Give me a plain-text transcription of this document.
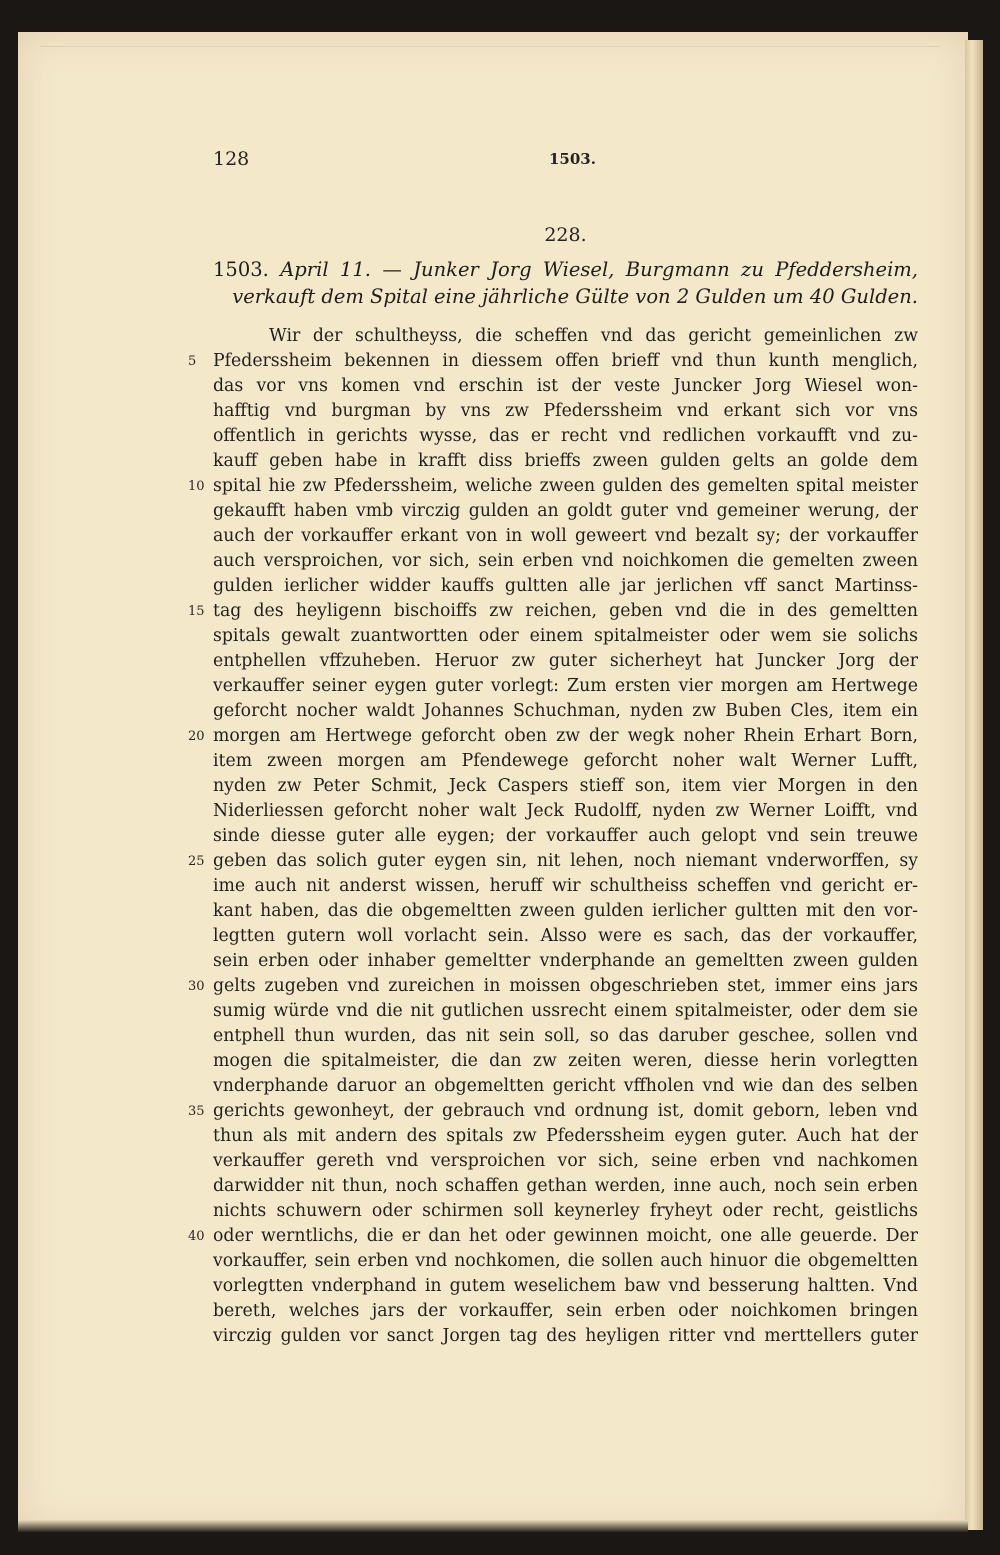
128	1503.
228.
1503. April 11. — Junker Jorg Wiesel, Burgmann zu Pfeddersheim,
verkauft dem Spital eine jährliche Gülte von 2 Gulden um 40 Gulden.
Wir der schultheyss, die scheffen vnd das gericht gemeinlichen zw
5 Pfederssheim bekennen in diessem offen brieff vnd thun kunth menglich,
das vor vns komen vnd erschin ist der veste Juncker Jorg Wiesel won-
hafftig vnd burgman by vns zw Pfederssheim vnd erkant sich vor vns
offentlich in gerichts wysse, das er recht vnd redlichen vorkaufft vnd zu-
kauff geben habe in krafft diss brieffs zween gulden gelts an golde dem
10 spital hie zw Pfederssheim, weliche zween gulden des gemelten spital meister
gekaufft haben vmb virczig gulden an goldt guter vnd gemeiner werung, der
auch der vorkauffer erkant von in woll geweert vnd bezalt sy; der vorkauffer
auch versproichen, vor sich, sein erben vnd noichkomen die gemelten zween
gulden ierlicher widder kauffs gultten alle jar jerlichen vff sanct Martinss-
15 tag des heyligenn bischoiffs zw reichen, geben vnd die in des gemeltten
spitals gewalt zuantwortten oder einem spitalmeister oder wem sie solichs
entphellen vffzuheben. Heruor zw guter sicherheyt hat Juncker Jorg der
verkauffer seiner eygen guter vorlegt: Zum ersten vier morgen am Hertwege
geforcht nocher waldt Johannes Schuchman, nyden zw Buben Cles, item ein
20 morgen am Hertwege geforcht oben zw der wegk noher Rhein Erhart Born,
item zween morgen am Pfendewege geforcht noher walt Werner Lufft,
nyden zw Peter Schmit, Jeck Caspers stieff son, item vier Morgen in den
Niderliessen geforcht noher walt Jeck Rudolff, nyden zw Werner Loifft, vnd
sinde diesse guter alle eygen; der vorkauffer auch gelopt vnd sein treuwe
25 geben das solich guter eygen sin, nit lehen, noch niemant vnderworffen, sy
ime auch nit anderst wissen, heruff wir schultheiss scheffen vnd gericht er-
kant haben, das die obgemeltten zween gulden ierlicher gultten mit den vor-
legtten gutern woll vorlacht sein. Alsso were es sach, das der vorkauffer,
sein erben oder inhaber gemeltter vnderphande an gemeltten zween gulden
30 gelts zugeben vnd zureichen in moissen obgeschrieben stet, immer eins jars
sumig würde vnd die nit gutlichen ussrecht einem spitalmeister, oder dem sie
entphell thun wurden, das nit sein soll, so das daruber geschee, sollen vnd
mogen die spitalmeister, die dan zw zeiten weren, diesse herin vorlegtten
vnderphande daruor an obgemeltten gericht vffholen vnd wie dan des selben
35 gerichts gewonheyt, der gebrauch vnd ordnung ist, domit geborn, leben vnd
thun als mit andern des spitals zw Pfederssheim eygen guter. Auch hat der
verkauffer gereth vnd versproichen vor sich, seine erben vnd nachkomen
darwidder nit thun, noch schaffen gethan werden, inne auch, noch sein erben
nichts schuwern oder schirmen soll keynerley fryheyt oder recht, geistlichs
40 oder werntlichs, die er dan het oder gewinnen moicht, one alle geuerde. Der
vorkauffer, sein erben vnd nochkomen, die sollen auch hinuor die obgemeltten
vorlegtten vnderphand in gutem weselichem baw vnd besserung haltten. Vnd
bereth, welches jars der vorkauffer, sein erben oder noichkomen bringen
virczig gulden vor sanct Jorgen tag des heyligen ritter vnd merttellers guter
